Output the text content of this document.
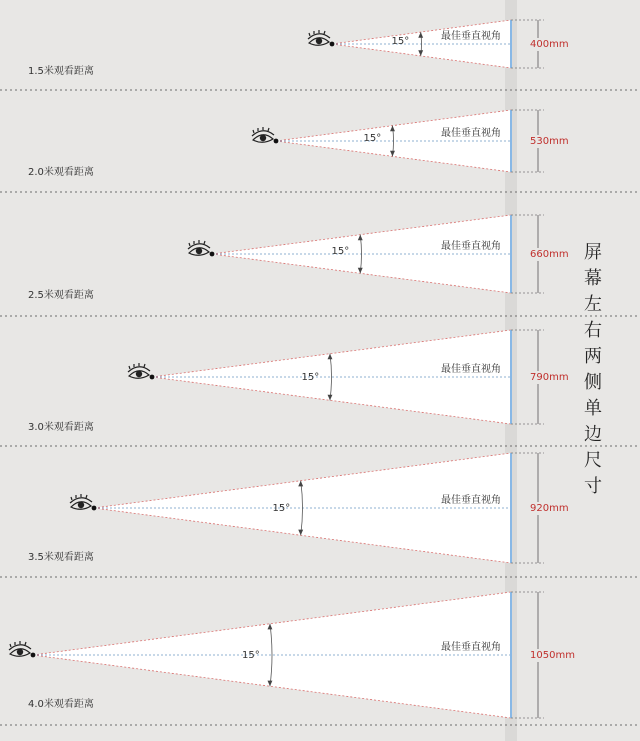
15°	最佳垂直视角
400mm
1.5米观看距离
15°	最佳垂直视角
530mm
2.0米观看距离
15°	最佳垂直视角
660mm
2.5米观看距离
15°
最佳垂直视角
790mm
3.0米观看距离
15°
最佳垂直视角
920mm
3.5米观看距离
15°
最佳垂直视角
1050mm
4.0米观看距离
屏
幕
左
右
两
侧
单
边
尺
寸
